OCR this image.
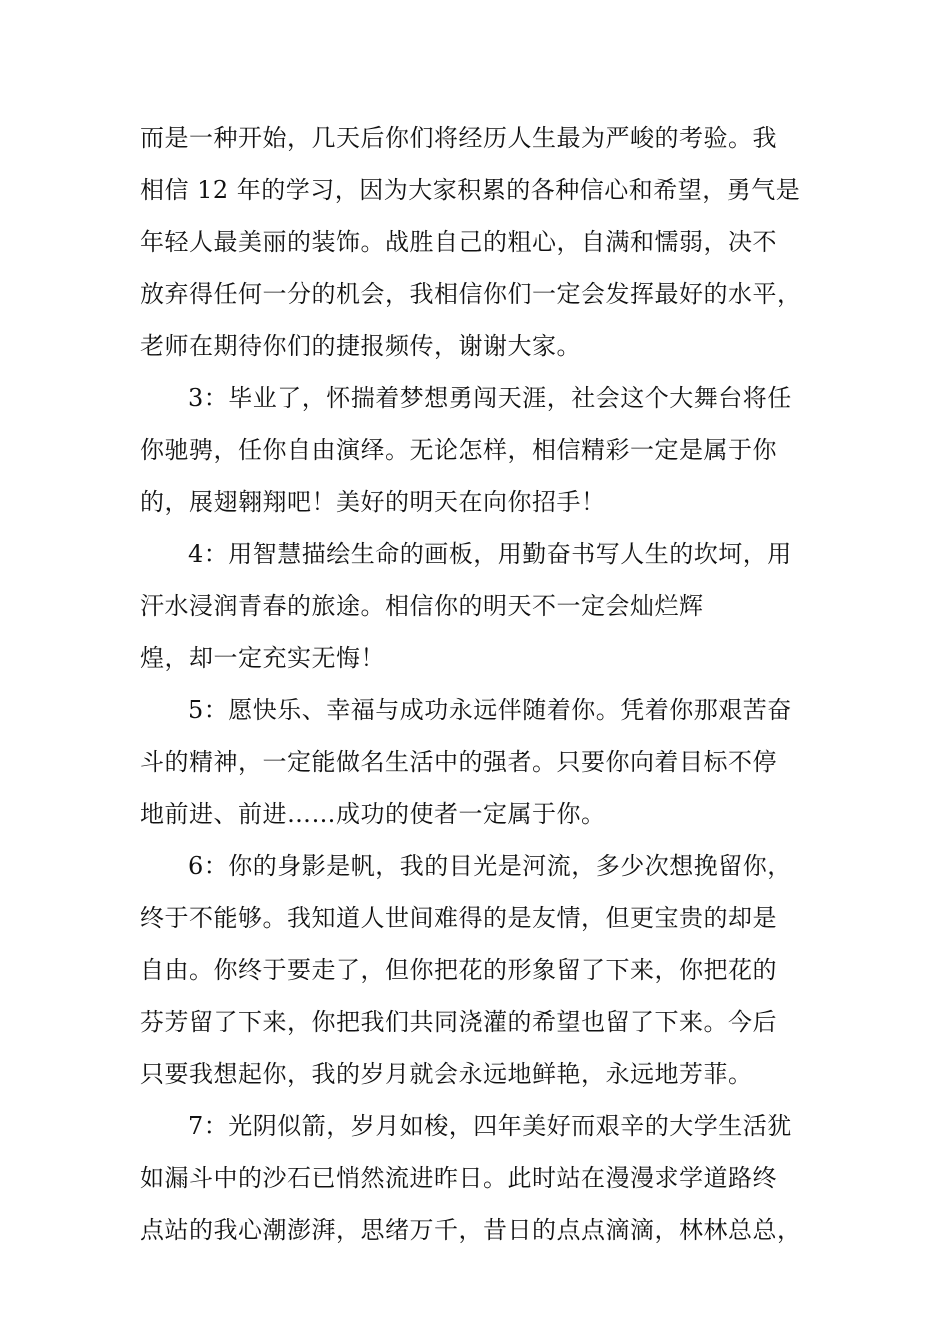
而是一种开始，几天后你们将经历人生最为严峻的考验。我
相信 12 年的学习，因为大家积累的各种信心和希望，勇气是
年轻人最美丽的装饰。战胜自己的粗心，自满和懦弱，决不
放弃得任何一分的机会，我相信你们一定会发挥最好的水平，
老师在期待你们的捷报频传，谢谢大家。
3：毕业了，怀揣着梦想勇闯天涯，社会这个大舞台将任
你驰骋，任你自由演绎。无论怎样，相信精彩一定是属于你
的，展翅翱翔吧！美好的明天在向你招手！
4：用智慧描绘生命的画板，用勤奋书写人生的坎坷，用
汗水浸润青春的旅途。相信你的明天不一定会灿烂辉
煌，却一定充实无悔！
5：愿快乐、幸福与成功永远伴随着你。凭着你那艰苦奋
斗的精神，一定能做名生活中的强者。只要你向着目标不停
地前进、前进……成功的使者一定属于你。
6：你的身影是帆，我的目光是河流，多少次想挽留你，
终于不能够。我知道人世间难得的是友情，但更宝贵的却是
自由。你终于要走了，但你把花的形象留了下来，你把花的
芬芳留了下来，你把我们共同浇灌的希望也留了下来。今后
只要我想起你，我的岁月就会永远地鲜艳，永远地芳菲。
7：光阴似箭，岁月如梭，四年美好而艰辛的大学生活犹
如漏斗中的沙石已悄然流进昨日。此时站在漫漫求学道路终
点站的我心潮澎湃，思绪万千，昔日的点点滴滴，林林总总，
